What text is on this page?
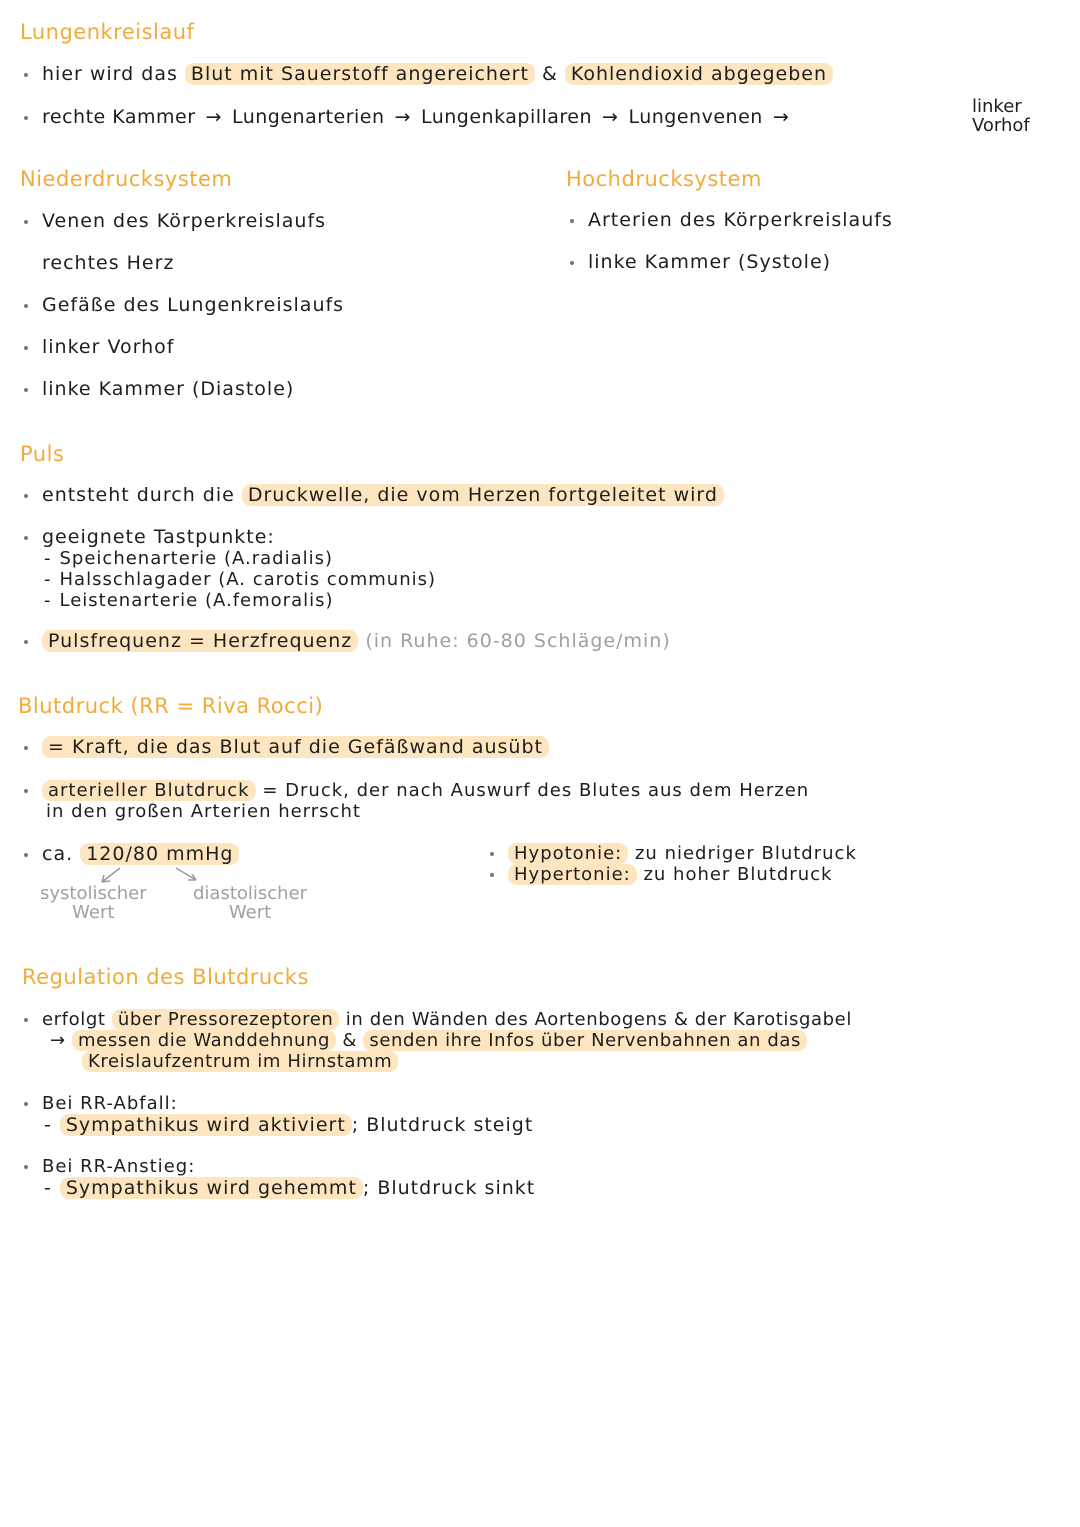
Lungenkreislauf
hier wird das Blut mit Sauerstoff angereichert & Kohlendioxid abgegeben
rechte Kammer → Lungenarterien → Lungenkapillaren → Lungenvenen →	linker
Vorhof
Niederdrucksystem
Venen des Körperkreislaufs
rechtes Herz
Gefäße des Lungenkreislaufs
linker Vorhof
linke Kammer (Diastole)
Hochdrucksystem
Arterien des Körperkreislaufs
linke Kammer (Systole)
Puls
entsteht durch die Druckwelle, die vom Herzen fortgeleitet wird
geeignete Tastpunkte:
- Speichenarterie (A.radialis)
- Halsschlagader (A. carotis communis)
- Leistenarterie (A.femoralis)
Pulsfrequenz = Herzfrequenz (in Ruhe: 60-80 Schläge/min)
Blutdruck (RR = Riva Rocci)
= Kraft, die das Blut auf die Gefäßwand ausübt
arterieller Blutdruck = Druck, der nach Auswurf des Blutes aus dem Herzen
in den großen Arterien herrscht
ca. 120/80 mmHg
systolischer
Wert
diastolischer
Wert
Hypotonie: zu niedriger Blutdruck
Hypertonie: zu hoher Blutdruck
Regulation des Blutdrucks
erfolgt über Pressorezeptoren in den Wänden des Aortenbogens & der Karotisgabel
→ messen die Wanddehnung & senden ihre Infos über Nervenbahnen an das
Kreislaufzentrum im Hirnstamm
Bei RR-Abfall:
- Sympathikus wird aktiviert ; Blutdruck steigt
Bei RR-Anstieg:
- Sympathikus wird gehemmt ; Blutdruck sinkt
